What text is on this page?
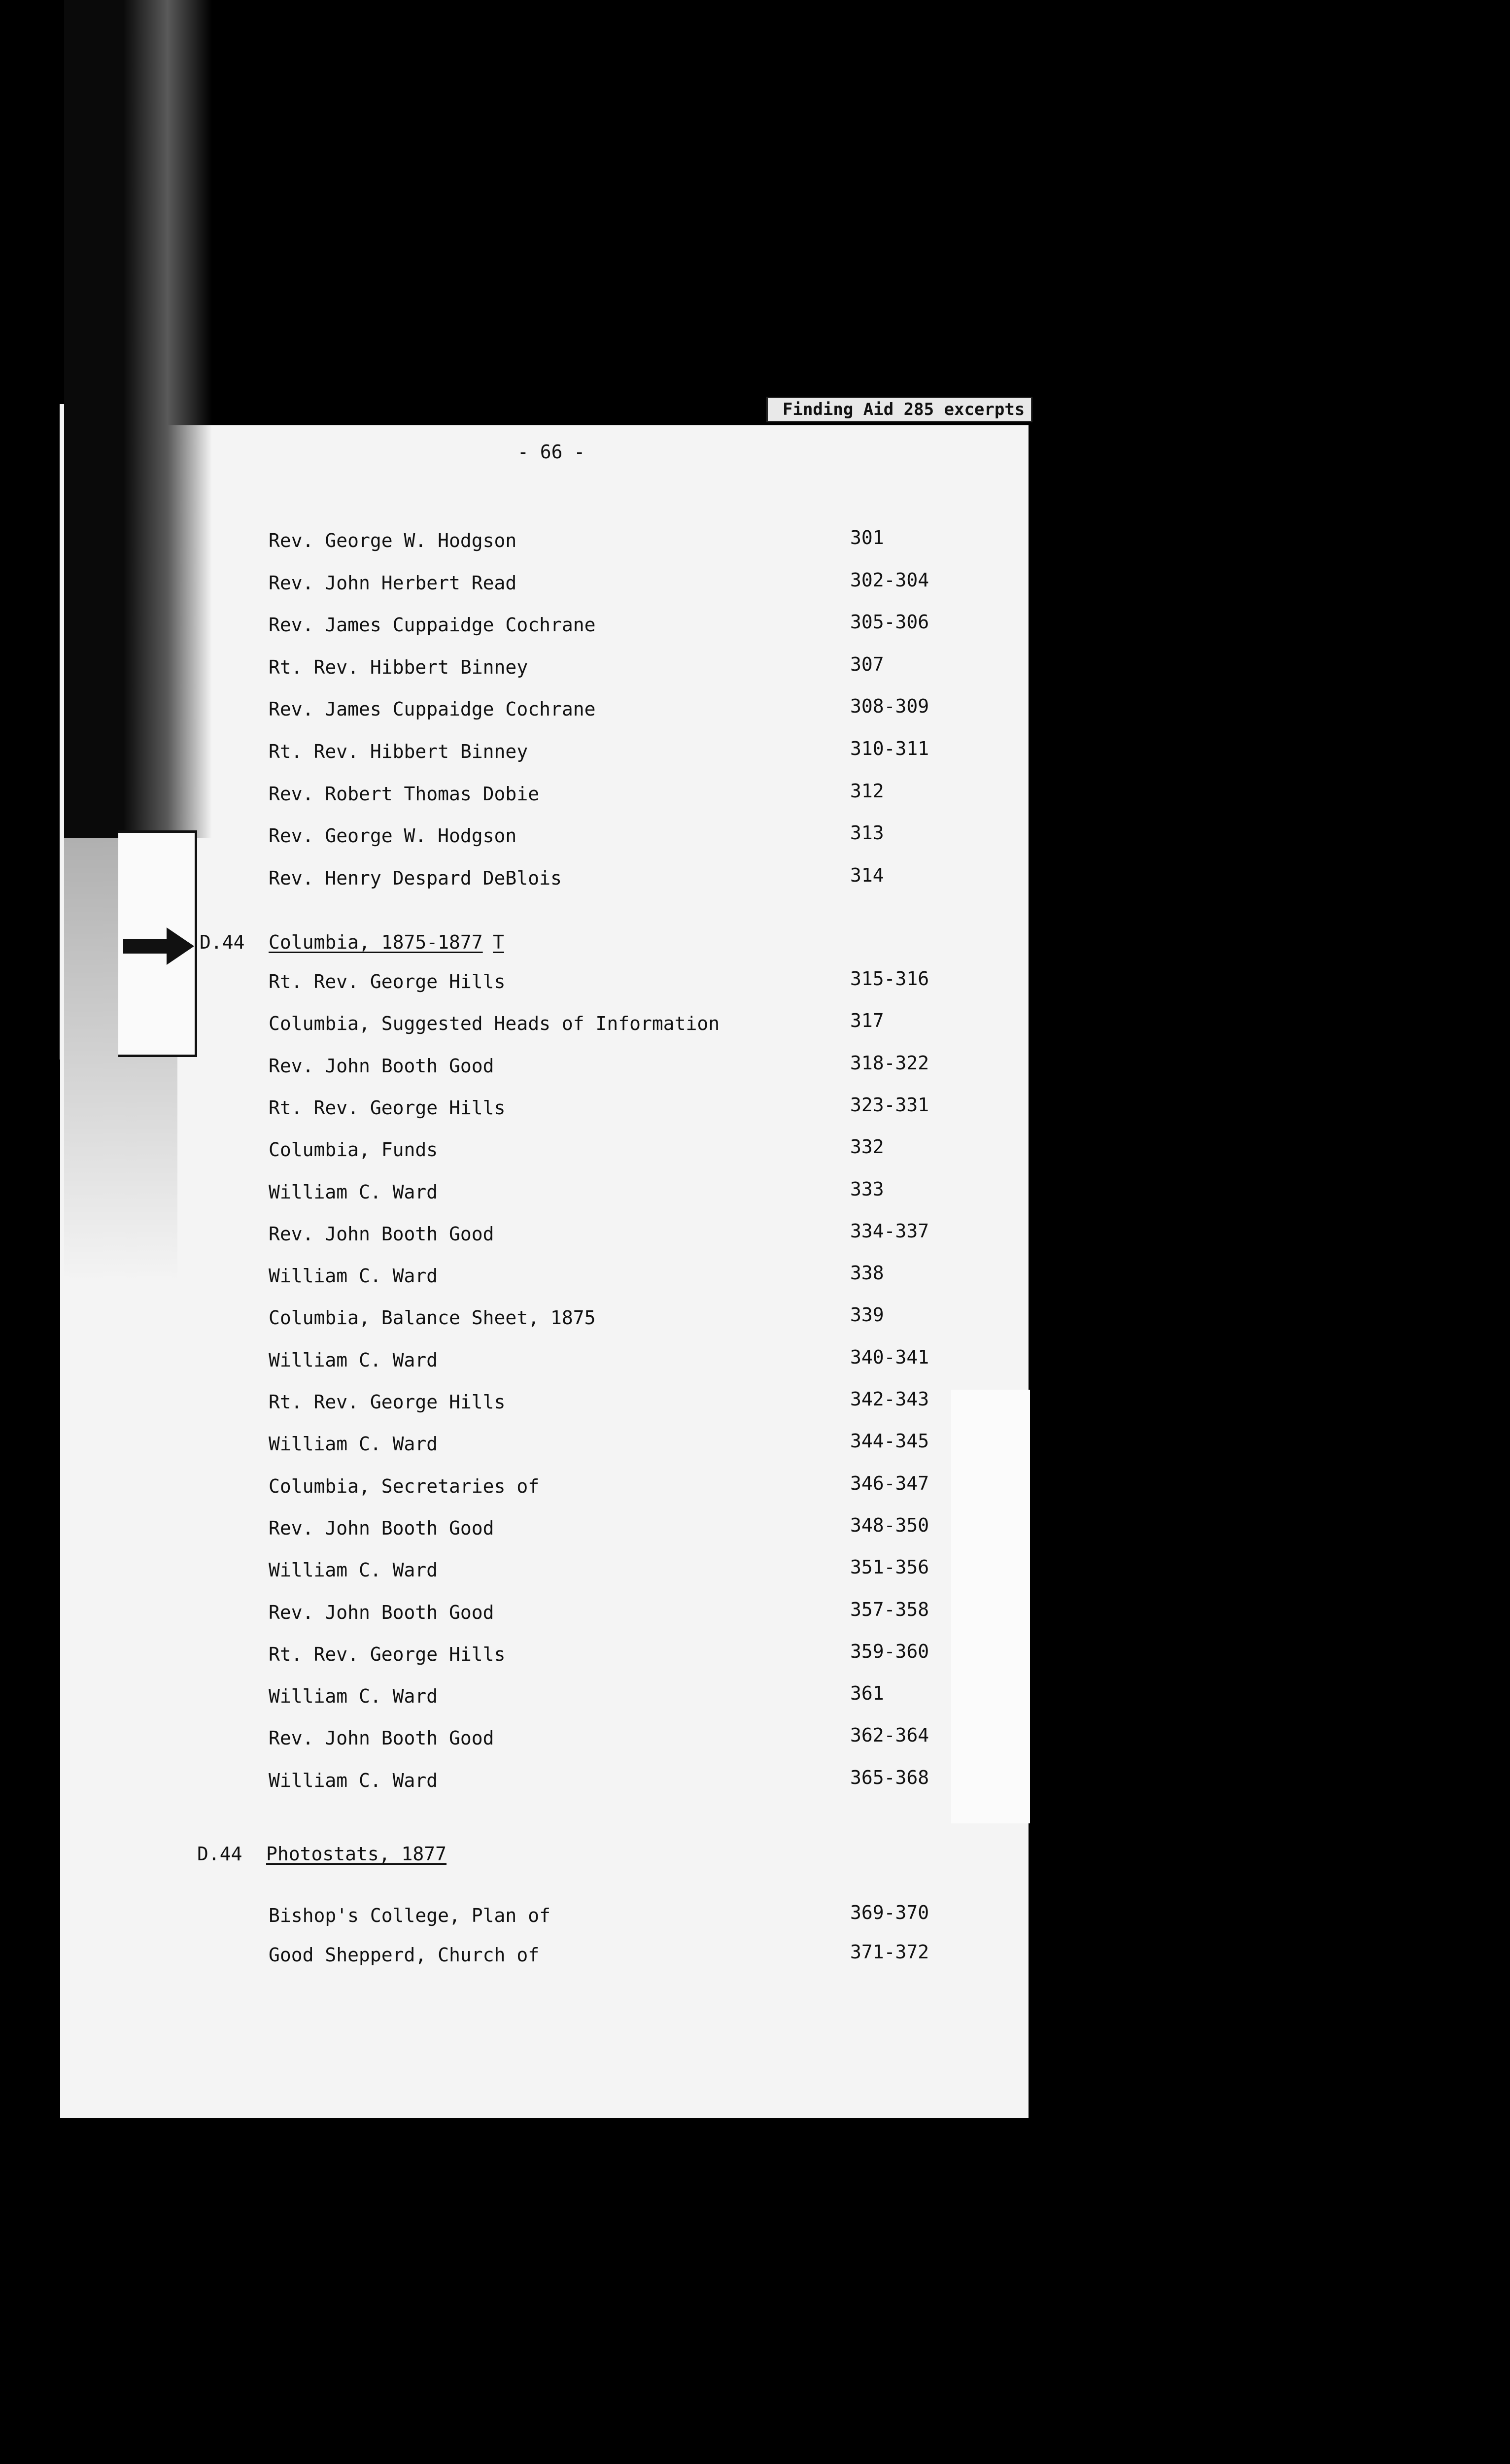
Finding Aid 285 excerpts
- 66 -
Rev. George W. Hodgson	301
Rev. John Herbert Read	302-304
Rev. James Cuppaidge Cochrane	305-306
Rt. Rev. Hibbert Binney	307
Rev. James Cuppaidge Cochrane	308-309
Rt. Rev. Hibbert Binney	310-311
Rev. Robert Thomas Dobie	312
Rev. George W. Hodgson	313
Rev. Henry Despard DeBlois	314
D.44 Columbia, 1875-1877 T
Rt. Rev. George Hills	315-316
Columbia, Suggested Heads of Information	317
Rev. John Booth Good	318-322
Rt. Rev. George Hills	323-331
Columbia, Funds	332
William C. Ward	333
Rev. John Booth Good	334-337
William C. Ward	338
Columbia, Balance Sheet, 1875	339
William C. Ward	340-341
Rt. Rev. George Hills	342-343
William C. Ward	344-345
Columbia, Secretaries of	346-347
Rev. John Booth Good	348-350
William C. Ward	351-356
Rev. John Booth Good	357-358
Rt. Rev. George Hills	359-360
William C. Ward	361
Rev. John Booth Good	362-364
William C. Ward	365-368
D.44 Photostats, 1877
Bishop's College, Plan of	369-370
Good Shepperd, Church of	371-372
